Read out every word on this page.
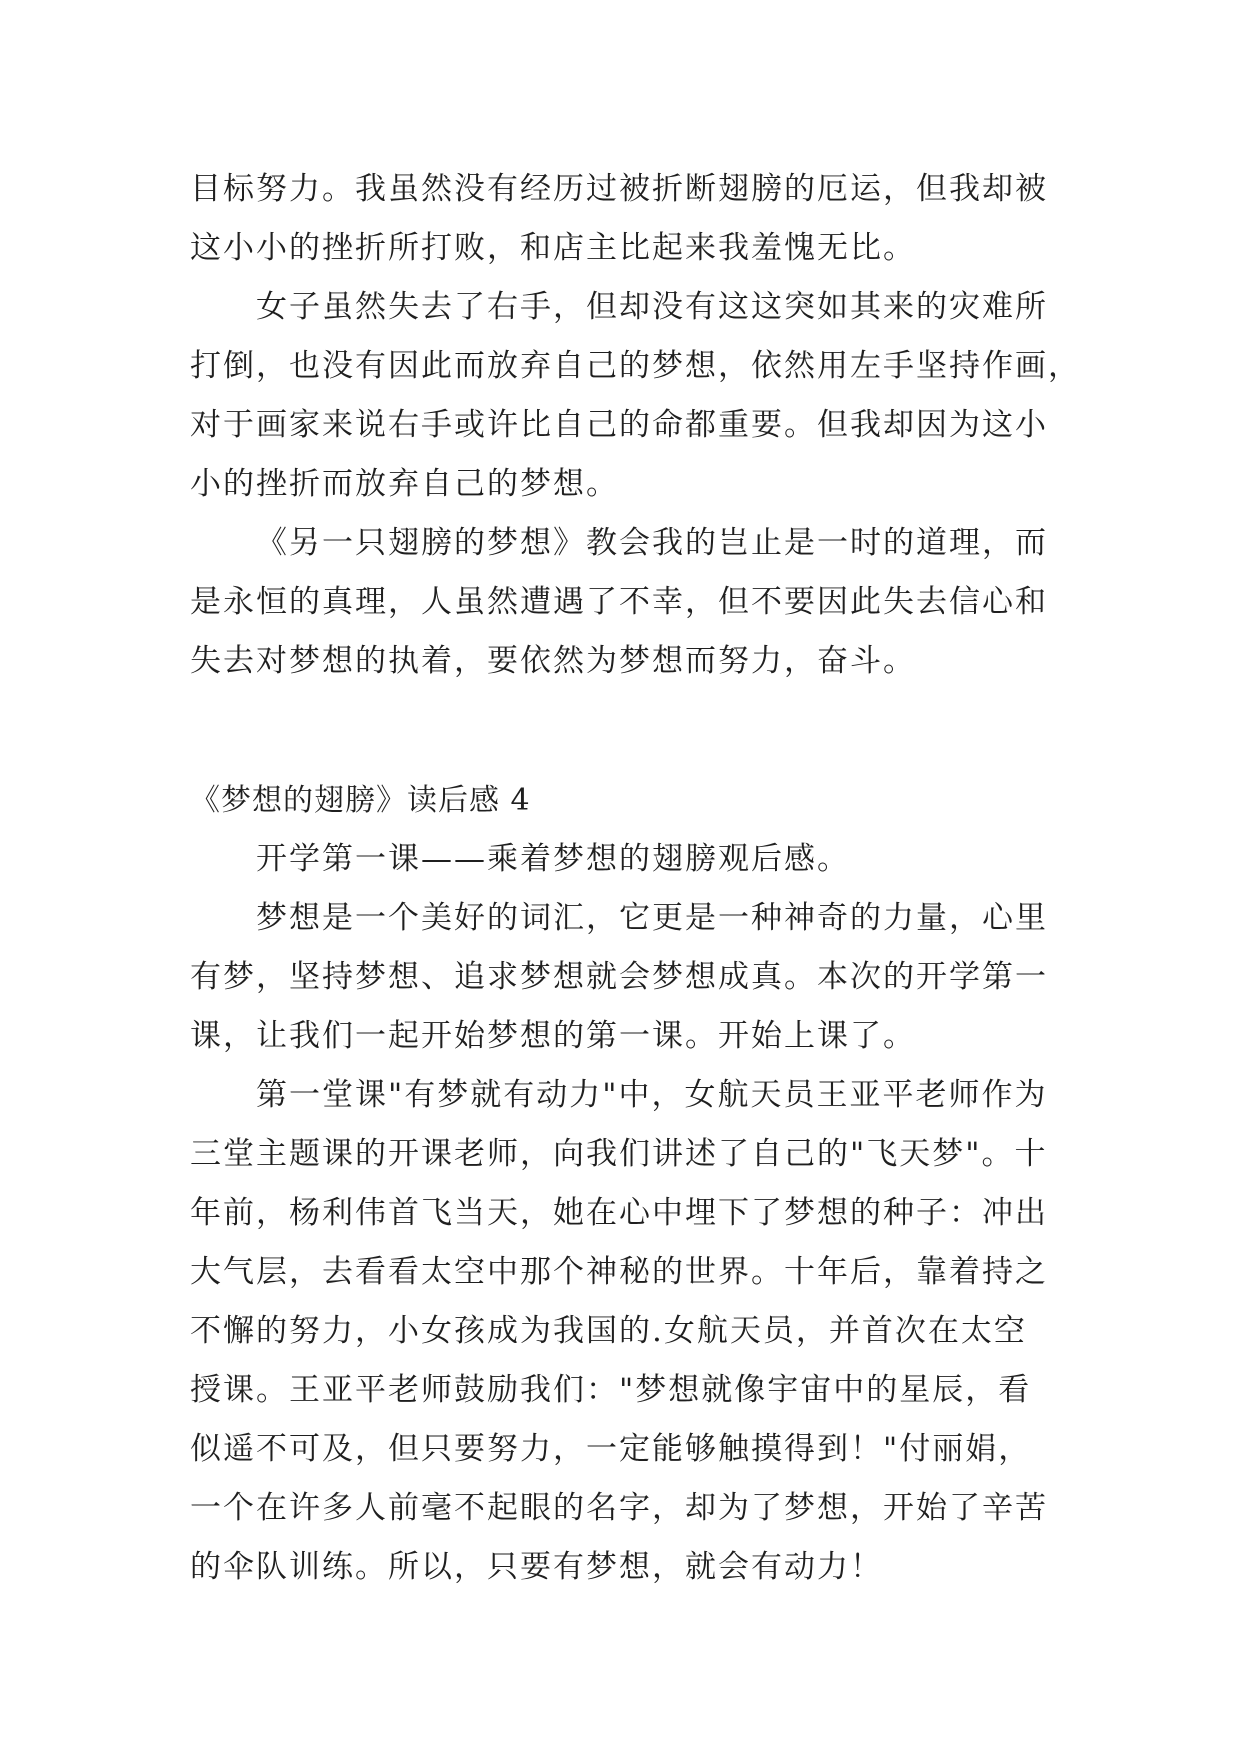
目标努力。我虽然没有经历过被折断翅膀的厄运，但我却被
这小小的挫折所打败，和店主比起来我羞愧无比。
女子虽然失去了右手，但却没有这这突如其来的灾难所
打倒，也没有因此而放弃自己的梦想，依然用左手坚持作画，
对于画家来说右手或许比自己的命都重要。但我却因为这小
小的挫折而放弃自己的梦想。
《另一只翅膀的梦想》教会我的岂止是一时的道理，而
是永恒的真理，人虽然遭遇了不幸，但不要因此失去信心和
失去对梦想的执着，要依然为梦想而努力，奋斗。
《梦想的翅膀》读后感 4
开学第一课——乘着梦想的翅膀观后感。
梦想是一个美好的词汇，它更是一种神奇的力量，心里
有梦，坚持梦想、追求梦想就会梦想成真。本次的开学第一
课，让我们一起开始梦想的第一课。开始上课了。
第一堂课"有梦就有动力"中，女航天员王亚平老师作为
三堂主题课的开课老师，向我们讲述了自己的"飞天梦"。十
年前，杨利伟首飞当天，她在心中埋下了梦想的种子：冲出
大气层，去看看太空中那个神秘的世界。十年后，靠着持之
不懈的努力，小女孩成为我国的.女航天员，并首次在太空
授课。王亚平老师鼓励我们："梦想就像宇宙中的星辰，看
似遥不可及，但只要努力，一定能够触摸得到！"付丽娟，
一个在许多人前毫不起眼的名字，却为了梦想，开始了辛苦
的伞队训练。所以，只要有梦想，就会有动力！
